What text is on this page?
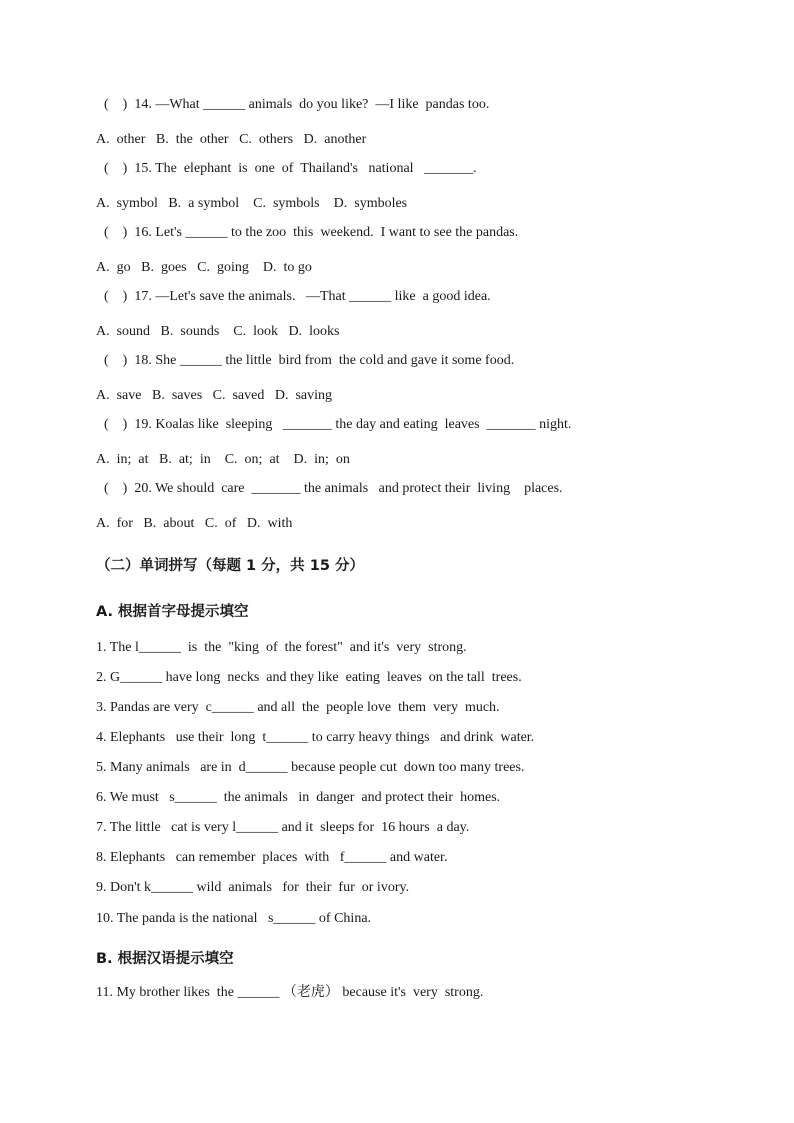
(    )  14. —What ______ animals  do you like?  —I like  pandas too.
A.  other   B.  the  other   C.  others   D.  another
(    )  15. The  elephant  is  one  of  Thailand's   national   _______.
A.  symbol   B.  a symbol    C.  symbols    D.  symboles
(    )  16. Let's ______ to the zoo  this  weekend.  I want to see the pandas.
A.  go   B.  goes   C.  going    D.  to go
(    )  17. —Let's save the animals.   —That ______ like  a good idea.
A.  sound   B.  sounds    C.  look   D.  looks
(    )  18. She ______ the little  bird from  the cold and gave it some food.
A.  save   B.  saves   C.  saved   D.  saving
(    )  19. Koalas like  sleeping   _______ the day and eating  leaves  _______ night.
A.  in;  at   B.  at;  in    C.  on;  at    D.  in;  on
(    )  20. We should  care  _______ the animals   and protect their  living    places.
A.  for   B.  about   C.  of   D.  with
（二）单词拼写（每题 1 分，共 15 分）
A. 根据首字母提示填空
1. The l______  is  the  "king  of  the forest"  and it's  very  strong.
2. G______ have long  necks  and they like  eating  leaves  on the tall  trees.
3. Pandas are very  c______ and all  the  people love  them  very  much.
4. Elephants   use their  long  t______ to carry heavy things   and drink  water.
5. Many animals   are in  d______ because people cut  down too many trees.
6. We must   s______  the animals   in  danger  and protect their  homes.
7. The little   cat is very l______ and it  sleeps for  16 hours  a day.
8. Elephants   can remember  places  with   f______ and water.
9. Don't k______ wild  animals   for  their  fur  or ivory.
10. The panda is the national   s______ of China.
B. 根据汉语提示填空
11. My brother likes  the ______ （老虎） because it's  very  strong.
